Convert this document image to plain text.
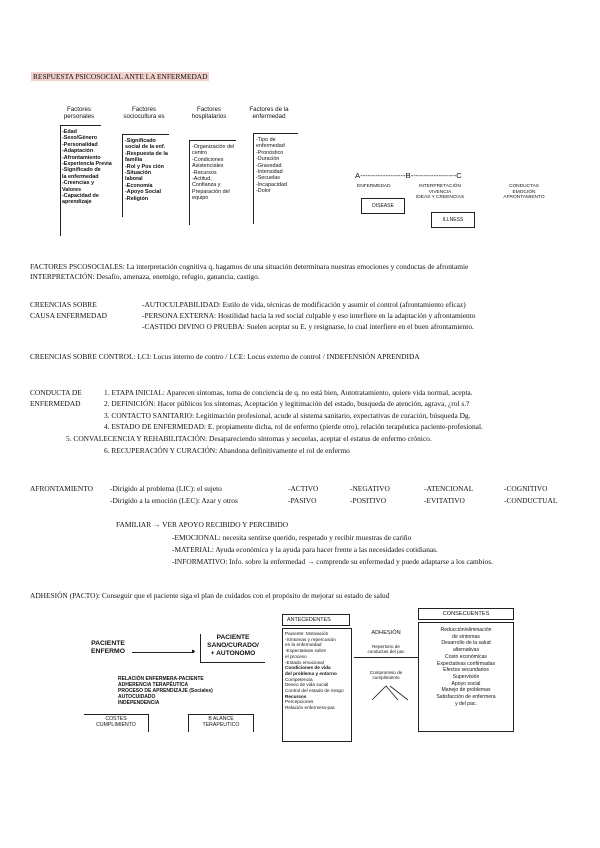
RESPUESTA PSICOSOCIAL ANTE LA ENFERMEDAD
Factores personales
Factores sociocultura es
Factores hospitalarios
Factores de la enfermedad
-Edad
-Sexo/Género
-Personalidad
-Adaptación
-Afrontamiento
-Experiencia Previa
-Significado de la enfermedad
-Creencias y Valores
-Capacidad de aprendizaje
-Significado social de la enf.
-Respuesta de la familia
-Rol y Pos ción
-Situación laboral
-Economía
-Apoyo Social
-Religión
-Organización del centro
-Condiciones Asistenciales
-Recursos
-Actitud, Confianza y Preparación del equipo
-Tipo de enfermedad
-Pronóstico
-Duración
-Gravedad
-Intensidad
-Secuelas
-Incapacidad
-Dolor
A------------------B------------------C
ENFERMEDAD	INTERPRETACIÓN
VIVENCIA
IDEAS Y CREENCIAS
CONDUCTAS
EMOCIÓN
AFRONTAMIENTO
DISEASE
ILLNESS
FACTORES PSCOSOCIALES: La interpretación cognitiva q. hagamos de una situación determinara nuestras emociones y conductas de afrontamie
INTERPRETACIÓN: Desafío, amenaza, enemigo, refugio, ganancia, castigo.
CREENCIAS SOBRE
CAUSA ENFERMEDAD
-AUTOCULPABILIDAD: Estilo de vida, técnicas de modificación y asumir el control (afrontamiento eficaz)
-PERSONA EXTERNA: Hostilidad hacia la red social culpable y eso interfiere en la adaptación y afrontamiento
-CASTIDO DIVINO O PRUEBA: Suelen aceptar su E. y resignarse, lo cual interfiere en el buen afrontamiento.
CREENCIAS SOBRE CONTROL: LCI: Locus interno de contro / LCE: Locus externo de control / INDEFENSIÓN APRENDIDA
CONDUCTA DE
ENFERMEDAD
1. ETAPA INICIAL: Aparecen síntomas, toma de conciencia de q. no está bien, Autotratamiento, quiere vida normal, acepta.
2. DEFINICIÓN: Hacer públicos los síntomas, Aceptación y legitimación del estado, busqueda de atención, agrava, ¿rol s.?
3. CONTACTO SANITARIO: Legitimación profesional, acude al sistema sanitario, expectativas de curación, búsqueda Dg.
4. ESTADO DE ENFERMEDAD: E. propiamente dicha, rol de enfermo (pierde otro), relación terapéutica paciente-profesional.
5. CONVALECENCIA Y REHABILITACIÓN: Desapareciendo síntomas y secuelas, aceptar el estatus de enfermo crónico.
6. RECUPERACIÓN Y CURACIÓN: Abandona definitivamente el rol de enfermo
AFRONTAMIENTO -Dirigido al problema (LIC): el sujeto
-Dirigido a la emoción (LEC): Azar y otros
-ACTIVO
-PASIVO
-NEGATIVO
-POSITIVO
-ATENCIONAL
-EVITATIVO
-COGNITIVO
-CONDUCTUAL
FAMILIAR → VER APOYO RECIBIDO Y PERCIBIDO
-EMOCIONAL: necesita sentirse querido, respetado y recibir muestras de cariño
-MATERIAL: Ayuda económica y la ayuda para hacer frente a las necesidades cotidianas.
-INFORMATIVO: Info. sobre la enfermedad → comprende su enfermedad y puede adaptarse a los cambios.
ADHESIÓN (PACTO): Conseguir que el paciente siga el plan de cuidados con el propósito de mejorar su estado de salud
PACIENTE
ENFERMO	▸
PACIENTE
SANO/CURADO/
+ AUTONOMO
RELACIÓN ENFERMERA-PACIENTE
ADHERENCIA TERAPÉUTICA
PROCESO DE APRENDIZAJE (Sociales)
AUTOCUIDADO
INDEPENDENCIA
COSTES
CUMPLIMIENTO
B ALANCE
TERAPEUTICO
ANTECEDENTES
Paciente: Motivación
-Síntomas y repercusión
en la enfermedad
-Expectativas sobre
el proceso
-Estado emocional
Condiciones de vida
del problema y entorno
Competencia
Deseo de vida social
Control del estado de riesgo
Recursos
Percepciones
Relación enfermera-pac
ADHESIÓN
Repertorio de
conductas del pac
Compromiso de
cumplimiento
CONSECUENTES
Reducción/eliminación
de síntomas
Desarrollo de la salud
alternativas
Costo económicas
Expectativas confirmadas
Efectos secundarios
Supervisión
Apoyo social
Manejo de problemas
Satisfacción de enfermera
y del pac.
